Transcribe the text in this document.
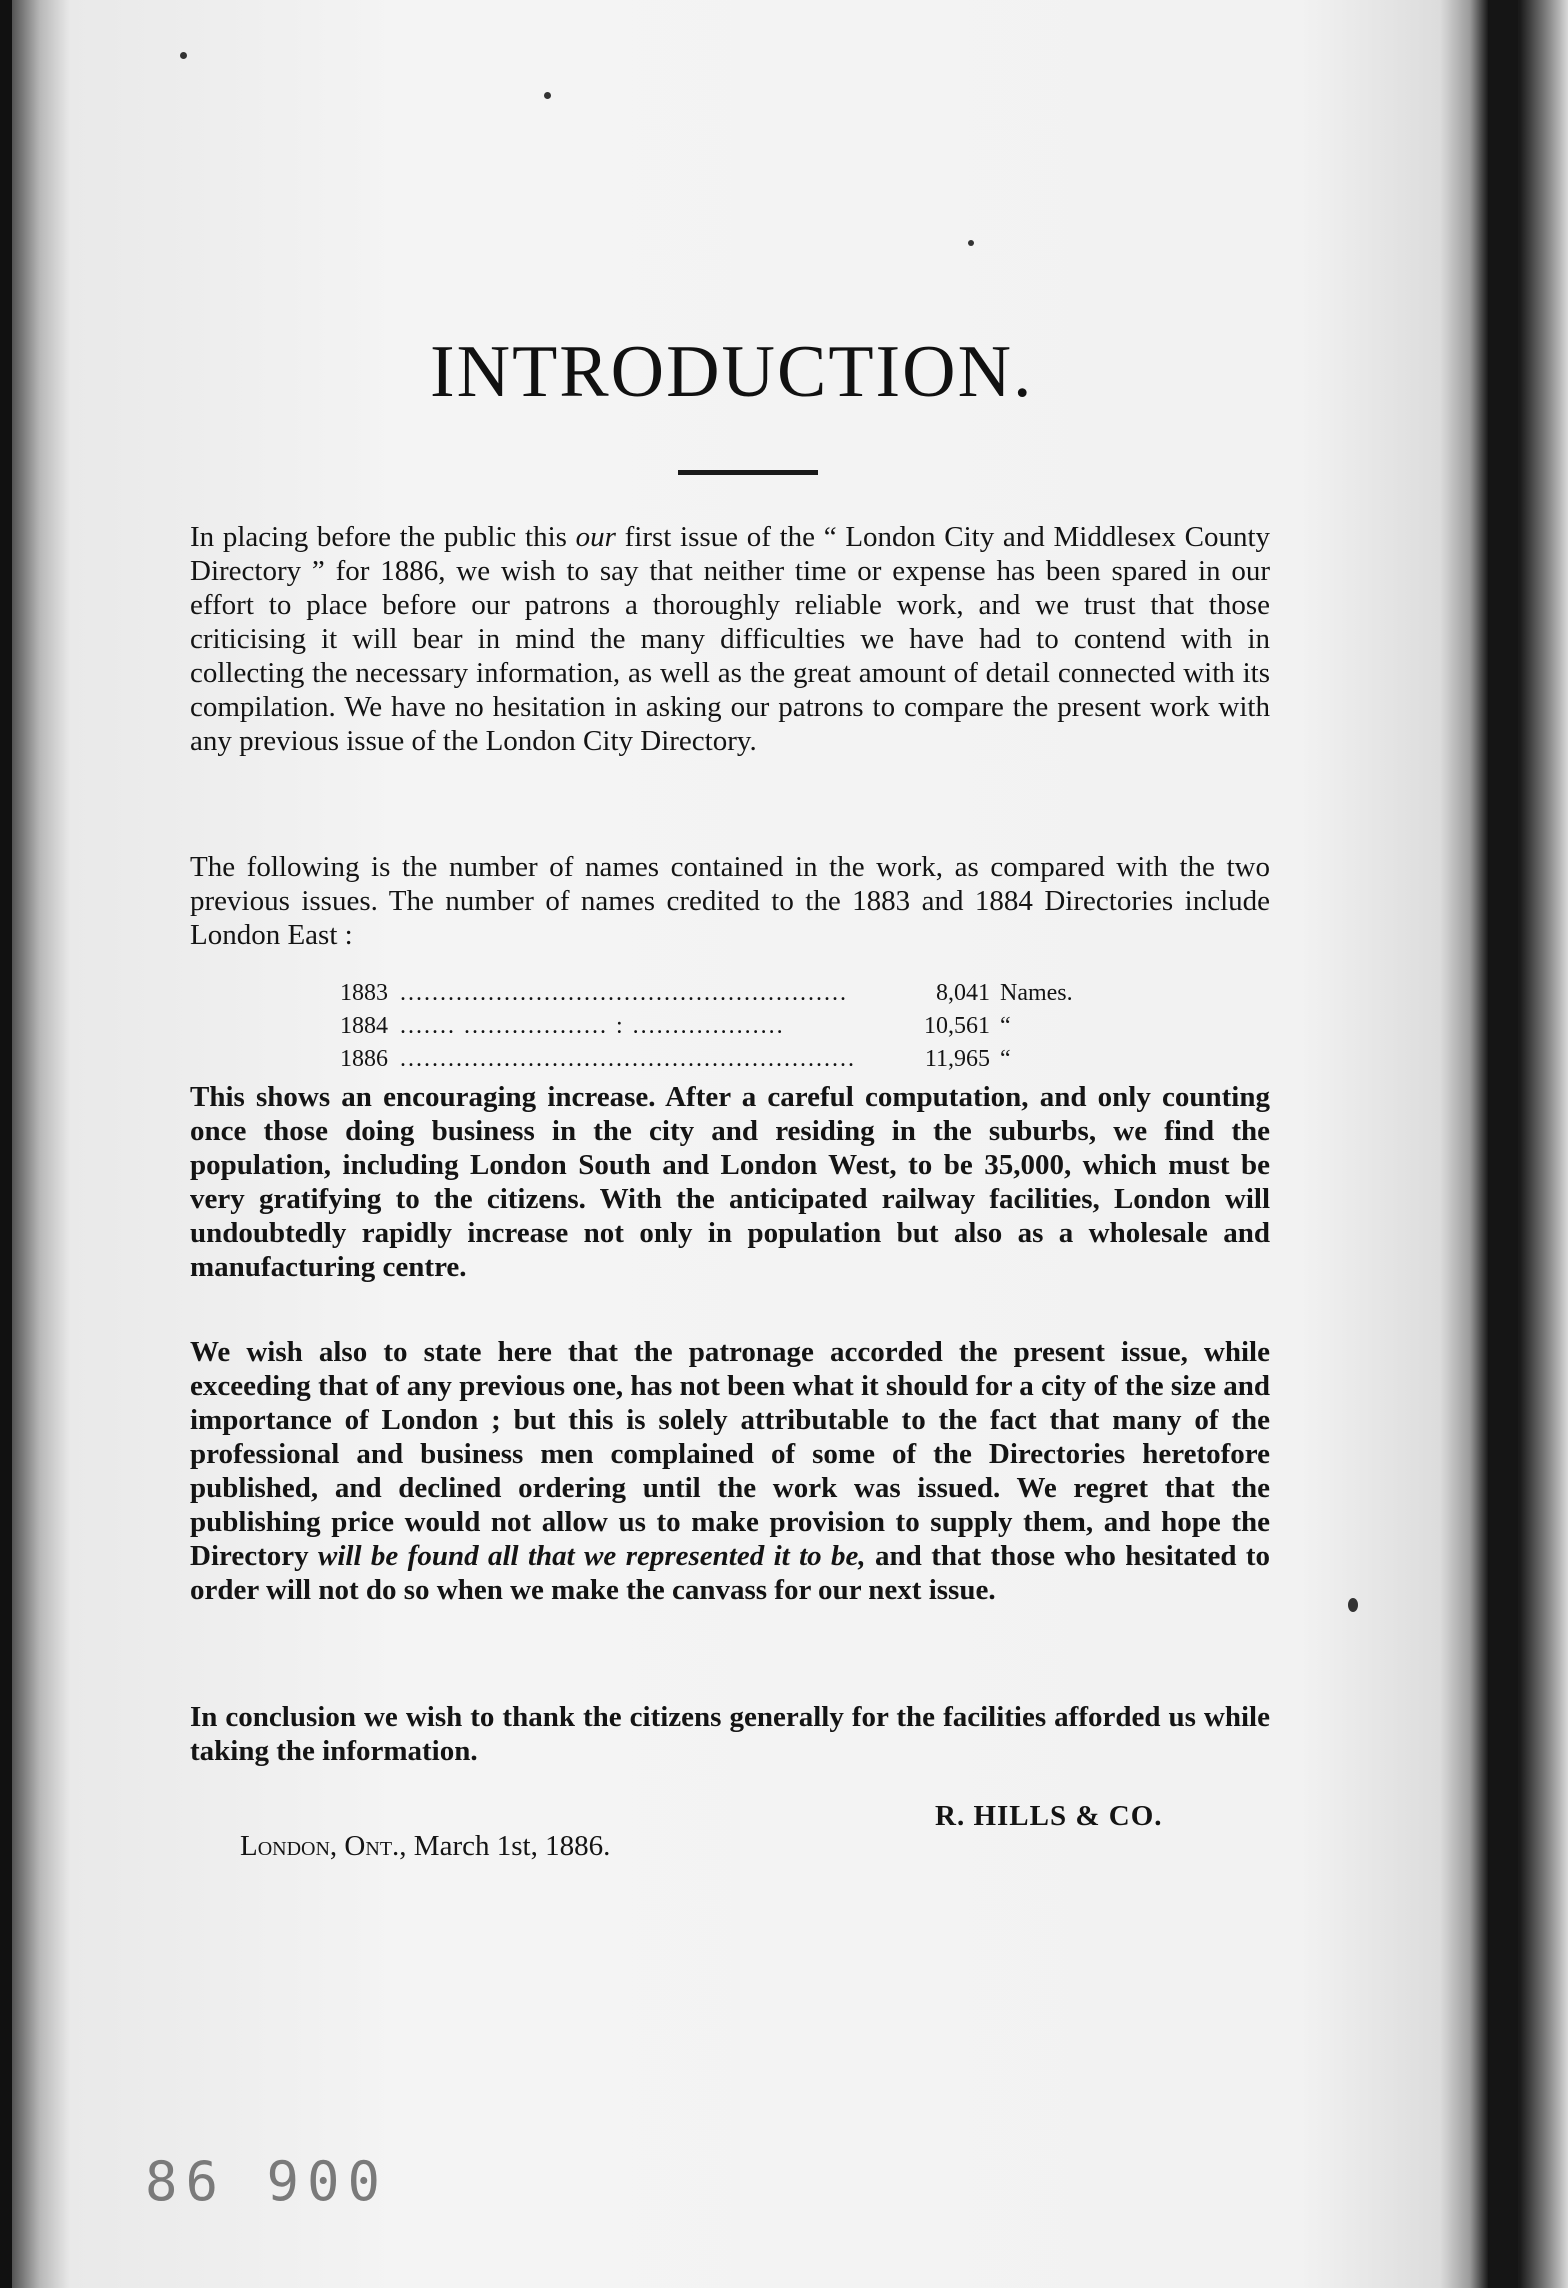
INTRODUCTION.
In placing before the public this our first issue of the “ London City and Middlesex County Directory ” for 1886, we wish to say that neither time or expense has been spared in our effort to place before our patrons a thoroughly reliable work, and we trust that those criticising it will bear in mind the many difficulties we have had to contend with in collecting the necessary information, as well as the great amount of detail connected with its compilation. We have no hesitation in asking our patrons to compare the present work with any previous issue of the London City Directory.
The following is the number of names contained in the work, as compared with the two previous issues. The number of names credited to the 1883 and 1884 Directories include London East :
1883 ........................................................	8,041 Names.
1884 ....... .................. : ...................	10,561 “
1886 .........................................................	11,965 “
This shows an encouraging increase. After a careful computation, and only counting once those doing business in the city and residing in the suburbs, we find the population, including London South and London West, to be 35,000, which must be very gratifying to the citizens. With the anticipated railway facilities, London will undoubtedly rapidly increase not only in population but also as a wholesale and manufacturing centre.
We wish also to state here that the patronage accorded the present issue, while exceeding that of any previous one, has not been what it should for a city of the size and importance of London ; but this is solely attributable to the fact that many of the professional and business men complained of some of the Directories heretofore published, and declined ordering until the work was issued. We regret that the publishing price would not allow us to make provision to supply them, and hope the Directory will be found all that we represented it to be, and that those who hesitated to order will not do so when we make the canvass for our next issue.
In conclusion we wish to thank the citizens generally for the facilities afforded us while taking the information.
R. HILLS & CO.
London, Ont., March 1st, 1886.
86 900
